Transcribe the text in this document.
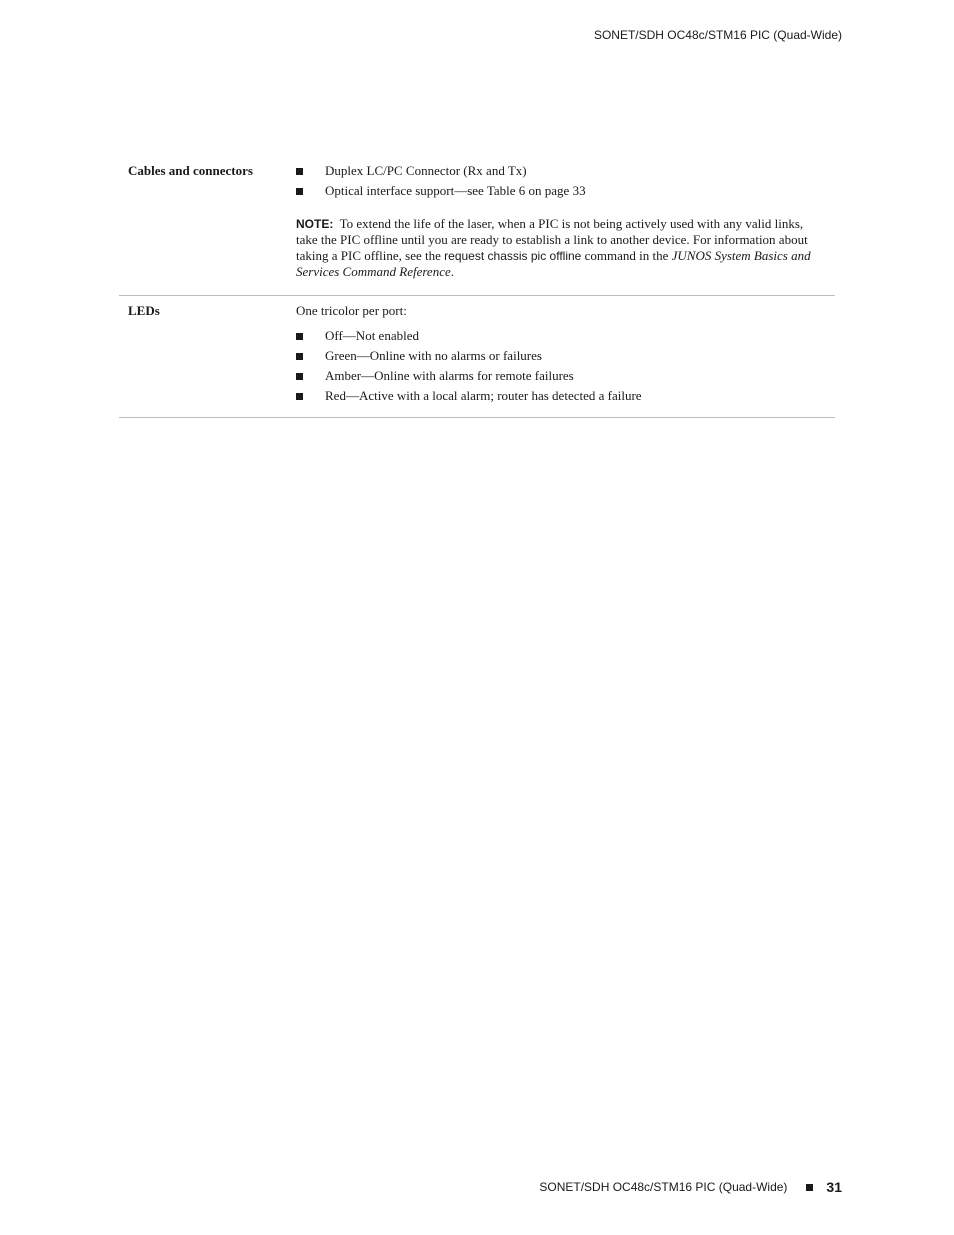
SONET/SDH OC48c/STM16 PIC (Quad-Wide)
Cables and connectors	Duplex LC/PC Connector (Rx and Tx)
Optical interface support—see Table 6 on page 33
NOTE: To extend the life of the laser, when a PIC is not being actively used with any valid links, take the PIC offline until you are ready to establish a link to another device. For information about taking a PIC offline, see the request chassis pic offline command in the JUNOS System Basics and Services Command Reference.
LEDs	One tricolor per port:
Off—Not enabled
Green—Online with no alarms or failures
Amber—Online with alarms for remote failures
Red—Active with a local alarm; router has detected a failure
SONET/SDH OC48c/STM16 PIC (Quad-Wide)	31
